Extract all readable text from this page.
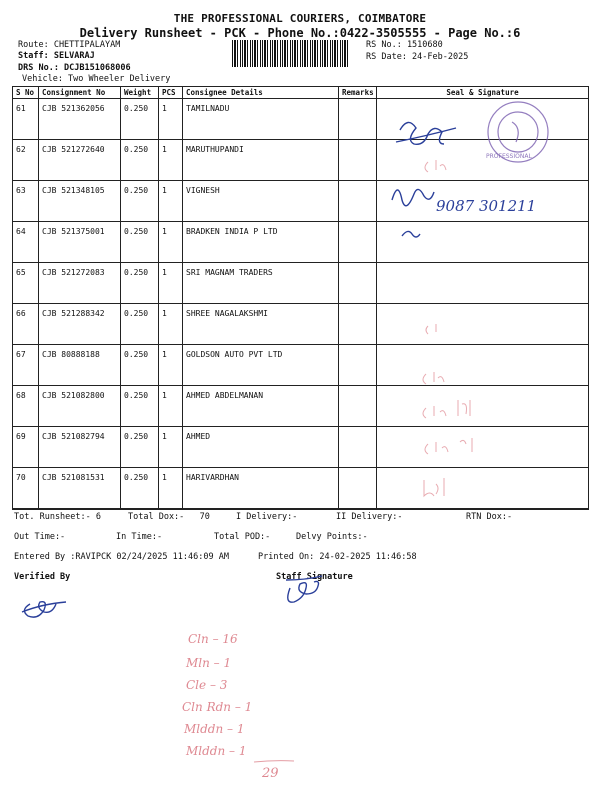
THE PROFESSIONAL COURIERS, COIMBATORE
Delivery Runsheet - PCK - Phone No.:0422-3505555 - Page No.:6
Route: CHETTIPALAYAM
Staff: SELVARAJ
DRS No.: DCJB151068006
Vehicle: Two Wheeler Delivery
RS No.: 1510680
RS Date: 24-Feb-2025
S No	Consignment No	Weight	PCS	Consignee Details	Remarks	Seal & Signature
61	CJB 521362056	0.250	1	TAMILNADU		
62	CJB 521272640	0.250	1	MARUTHUPANDI		
63	CJB 521348105	0.250	1	VIGNESH		
64	CJB 521375001	0.250	1	BRADKEN INDIA P LTD		
65	CJB 521272083	0.250	1	SRI MAGNAM TRADERS		
66	CJB 521288342	0.250	1	SHREE NAGALAKSHMI		
67	CJB 80888188	0.250	1	GOLDSON AUTO PVT LTD		
68	CJB 521082800	0.250	1	AHMED ABDELMANAN		
69	CJB 521082794	0.250	1	AHMED		
70	CJB 521081531	0.250	1	HARIVARDHAN		
Tot. Runsheet:- 6	Total Dox:-   70	I Delivery:-	II Delivery:-	RTN Dox:-
Out Time:-	In Time:-	Total POD:-	Delvy Points:-
Entered By :RAVIPCK 02/24/2025 11:46:09 AM	Printed On: 24-02-2025 11:46:58
Verified By	Staff Signature
9087 301211
PROFESSIONAL
Cln – 16
Mln – 1
Cle – 3
Cln Rdn – 1
Mlddn – 1
Mlddn – 1
29
